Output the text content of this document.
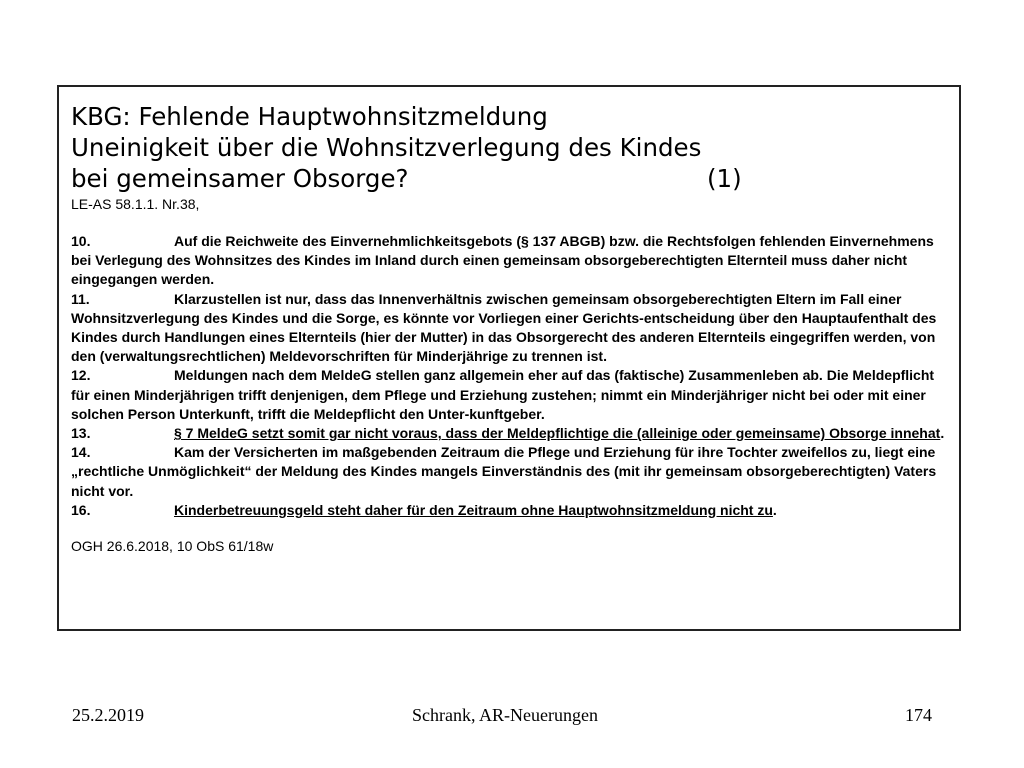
KBG: Fehlende Hauptwohnsitzmeldung
Uneinigkeit über die Wohnsitzverlegung des Kindes
bei gemeinsamer Obsorge?	(1)
LE-AS 58.1.1. Nr.38,
10.	Auf die Reichweite des Einvernehmlichkeitsgebots (§ 137 ABGB) bzw. die Rechtsfolgen fehlenden Einvernehmens bei Verlegung des Wohnsitzes des Kindes im Inland durch einen gemeinsam obsorgeberechtigten Elternteil muss daher nicht eingegangen werden.
11.	Klarzustellen ist nur, dass das Innenverhältnis zwischen gemeinsam obsorgeberechtigten Eltern im Fall einer Wohnsitzverlegung des Kindes und die Sorge, es könnte vor Vorliegen einer Gerichts-entscheidung über den Hauptaufenthalt des Kindes durch Handlungen eines Elternteils (hier der Mutter) in das Obsorgerecht des anderen Elternteils eingegriffen werden, von den (verwaltungsrechtlichen) Meldevorschriften für Minderjährige zu trennen ist.
12.	Meldungen nach dem MeldeG stellen ganz allgemein eher auf das (faktische) Zusammenleben ab. Die Meldepflicht für einen Minderjährigen trifft denjenigen, dem Pflege und Erziehung zustehen; nimmt ein Minderjähriger nicht bei oder mit einer solchen Person Unterkunft, trifft die Meldepflicht den Unter-kunftgeber.
13.	§ 7 MeldeG setzt somit gar nicht voraus, dass der Meldepflichtige die (alleinige oder gemeinsame) Obsorge innehat.
14.	Kam der Versicherten im maßgebenden Zeitraum die Pflege und Erziehung für ihre Tochter zweifellos zu, liegt eine „rechtliche Unmöglichkeit“ der Meldung des Kindes mangels Einverständnis des (mit ihr gemeinsam obsorgeberechtigten) Vaters nicht vor.
16.	Kinderbetreuungsgeld steht daher für den Zeitraum ohne Hauptwohnsitzmeldung nicht zu.
OGH 26.6.2018, 10 ObS 61/18w
25.2.2019	Schrank, AR-Neuerungen	174
